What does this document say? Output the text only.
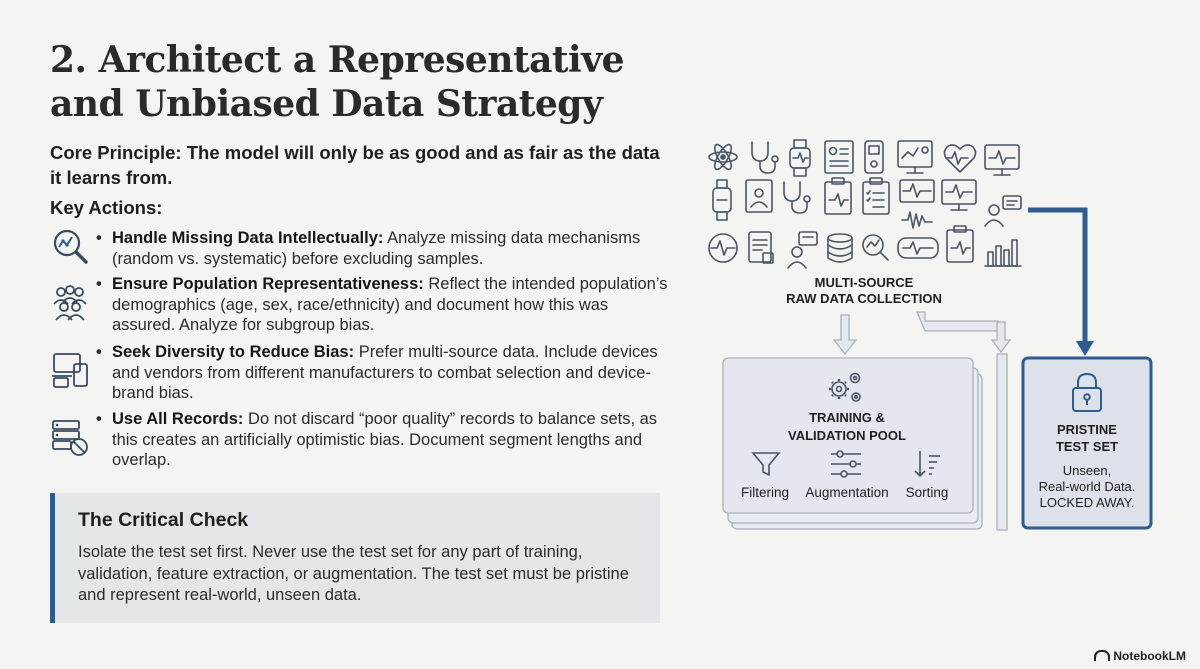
2. Architect a Representative and Unbiased Data Strategy

Core Principle: The model will only be as good and as fair as the data it learns from.

Key Actions:

• Handle Missing Data Intellectually: Analyze missing data mechanisms (random vs. systematic) before excluding samples.
• Ensure Population Representativeness: Reflect the intended population’s demographics (age, sex, race/ethnicity) and document how this was assured. Analyze for subgroup bias.
• Seek Diversity to Reduce Bias: Prefer multi-source data. Include devices and vendors from different manufacturers to combat selection and device-brand bias.
• Use All Records: Do not discard “poor quality” records to balance sets, as this creates an artificially optimistic bias. Document segment lengths and overlap.
The Critical Check

Isolate the test set first. Never use the test set for any part of training, validation, feature extraction, or augmentation. The test set must be pristine and represent real-world, unseen data.

MULTI-SOURCE
RAW DATA COLLECTION
TRAINING &
VALIDATION POOL
Filtering Augmentation Sorting
PRISTINE
TEST SET
Unseen,
Real-world Data.
LOCKED AWAY.
NotebookLM
